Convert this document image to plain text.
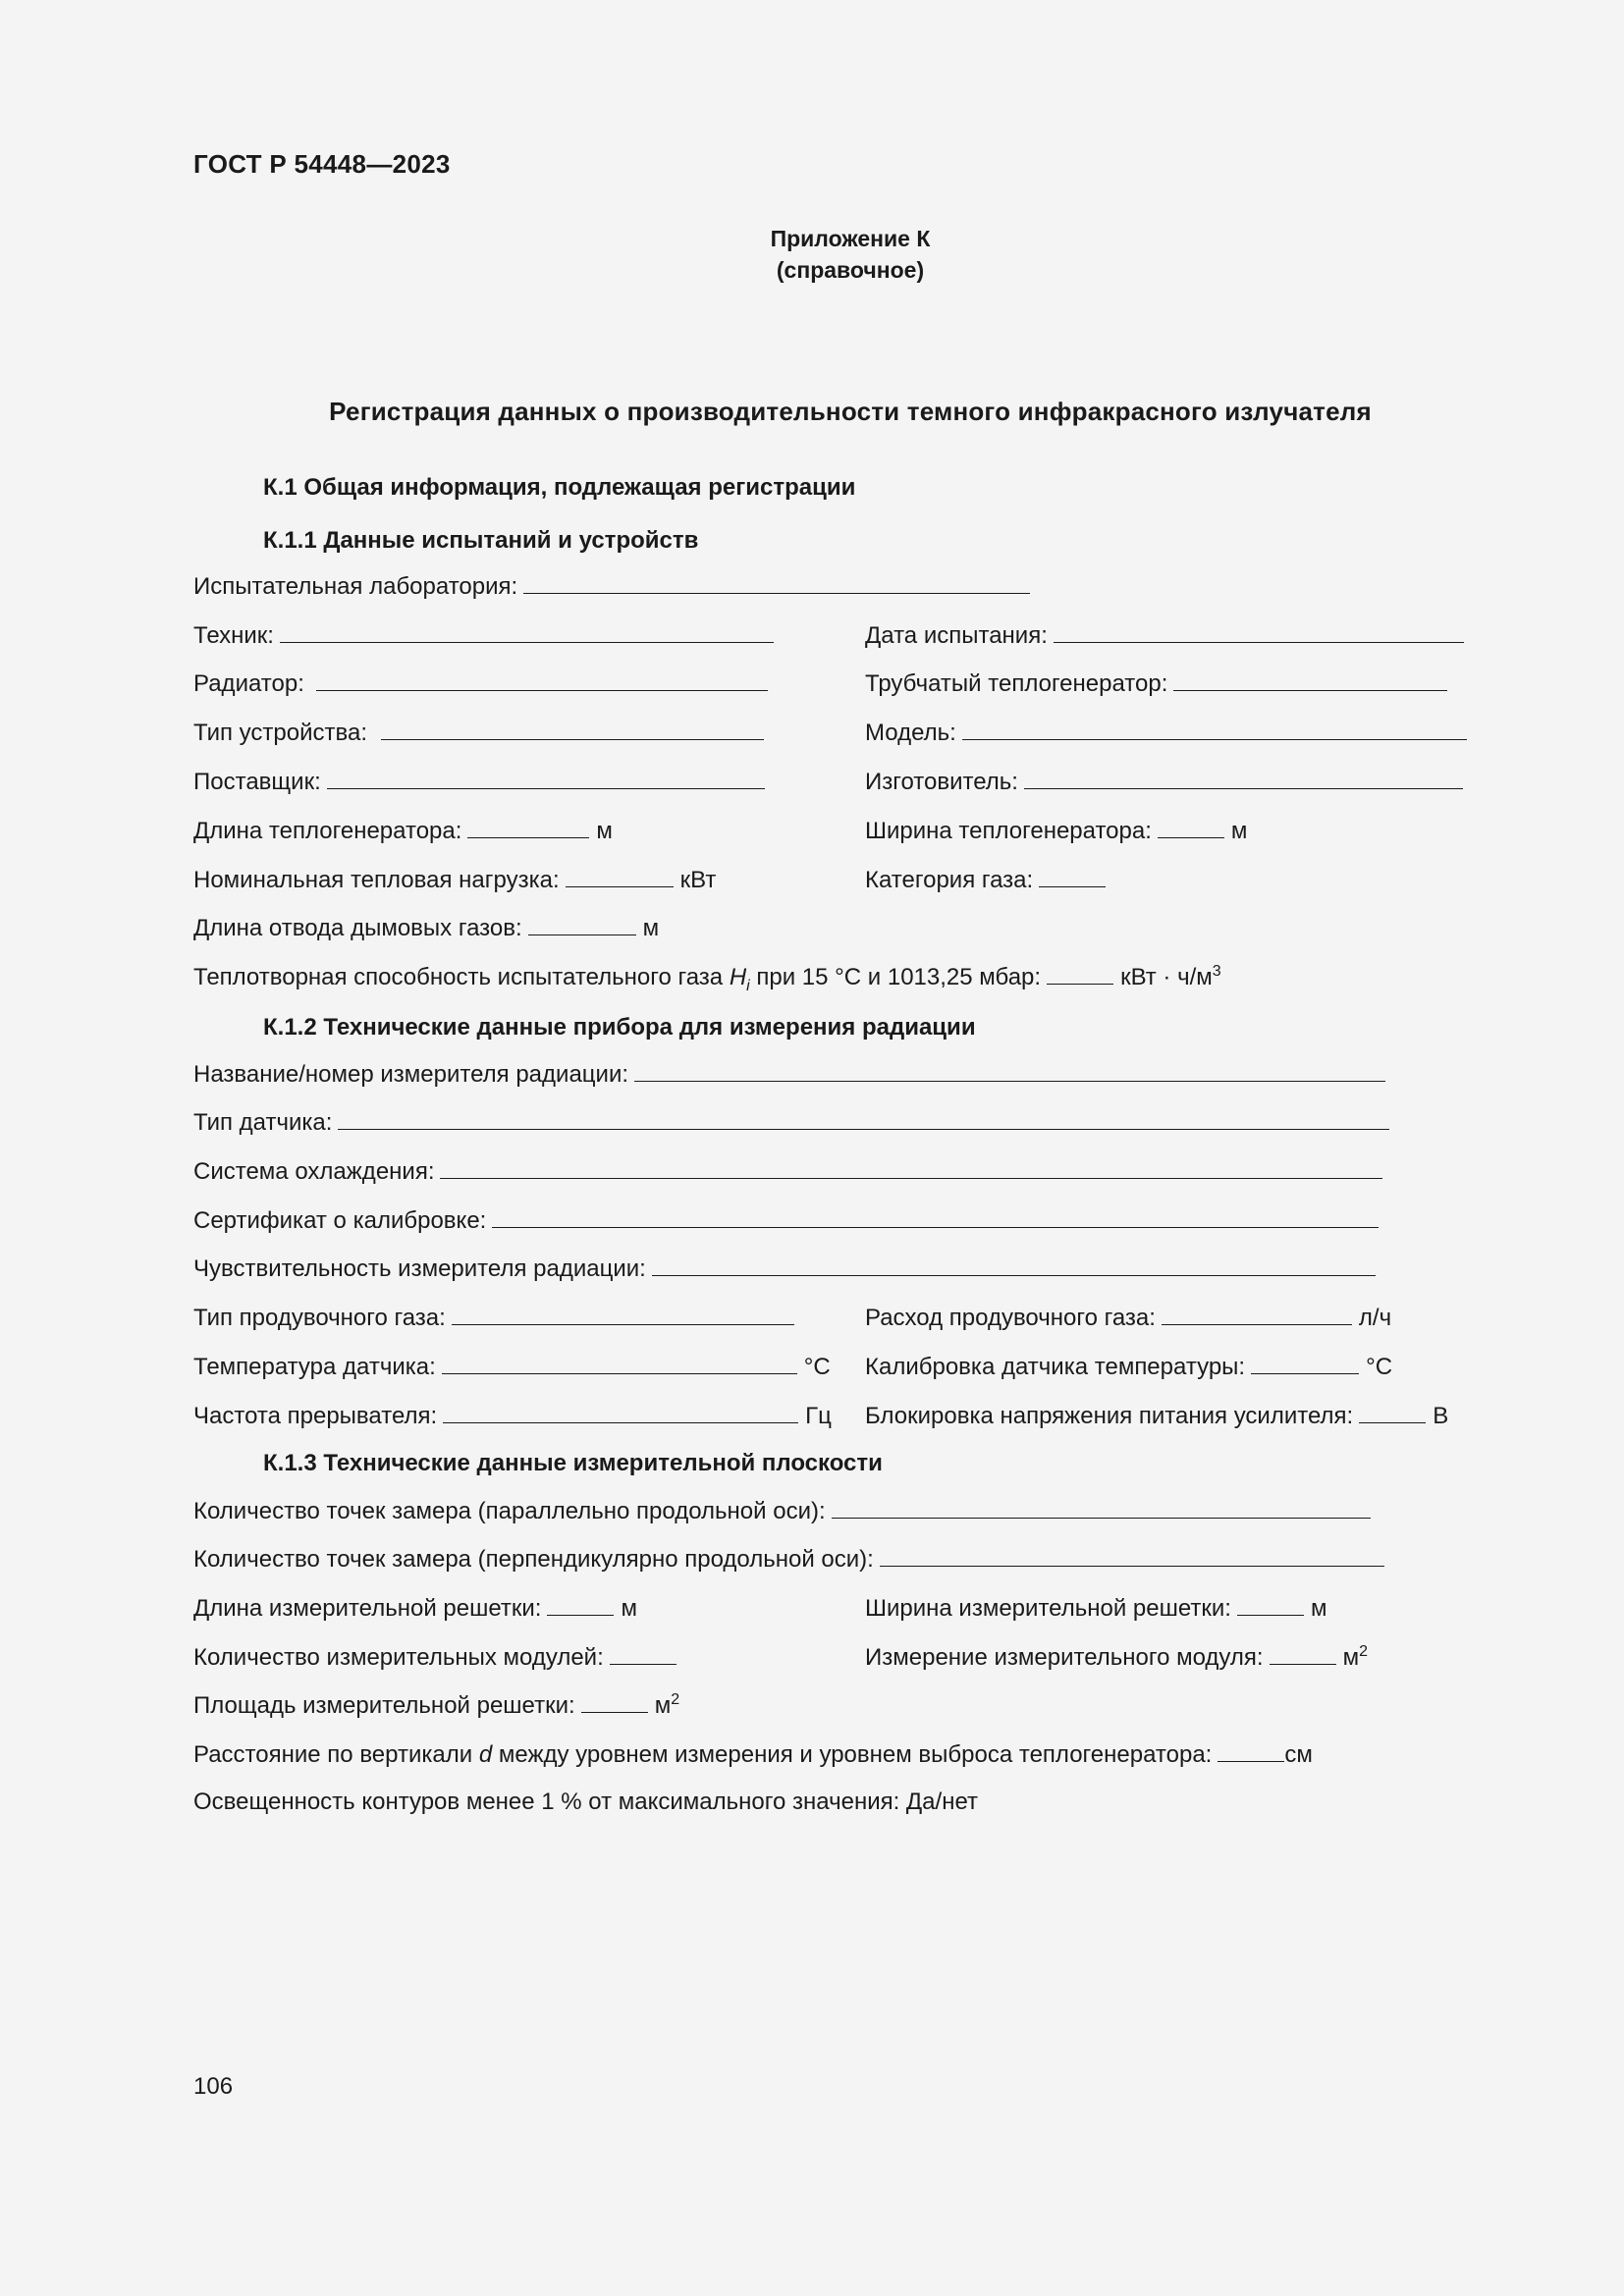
ГОСТ Р 54448—2023
Приложение К
(справочное)
Регистрация данных о производительности темного инфракрасного излучателя
К.1 Общая информация, подлежащая регистрации
К.1.1 Данные испытаний и устройств
Испытательная лаборатория:
Техник:	Дата испытания:
Радиатор:	Трубчатый теплогенератор:
Тип устройства:	Модель:
Поставщик:	Изготовитель:
Длина теплогенератора:	м	Ширина теплогенератора:	м
Номинальная тепловая нагрузка:	кВт	Категория газа:
Длина отвода дымовых газов:	м
Теплотворная способность испытательного газа $H_i$ при 15 °С и 1013,25 мбар:	кВт · $ч/м^3$
К.1.2 Технические данные прибора для измерения радиации
Название/номер измерителя радиации:
Тип датчика:
Система охлаждения:
Сертификат о калибровке:
Чувствительность измерителя радиации:
Тип продувочного газа:	Расход продувочного газа:	л/ч
Температура датчика:	°С Калибровка датчика температуры:	°С
Частота прерывателя:	Гц Блокировка напряжения питания усилителя:	В
К.1.3 Технические данные измерительной плоскости
Количество точек замера (параллельно продольной оси):
Количество точек замера (перпендикулярно продольной оси):
Длина измерительной решетки:	м	Ширина измерительной решетки:	м
Количество измерительных модулей:	Измерение измерительного модуля:	$м^2$
Площадь измерительной решетки:	$м^2$
Расстояние по вертикали d между уровнем измерения и уровнем выброса теплогенератора:	см
Освещенность контуров менее 1 % от максимального значения: Да/нет
106
